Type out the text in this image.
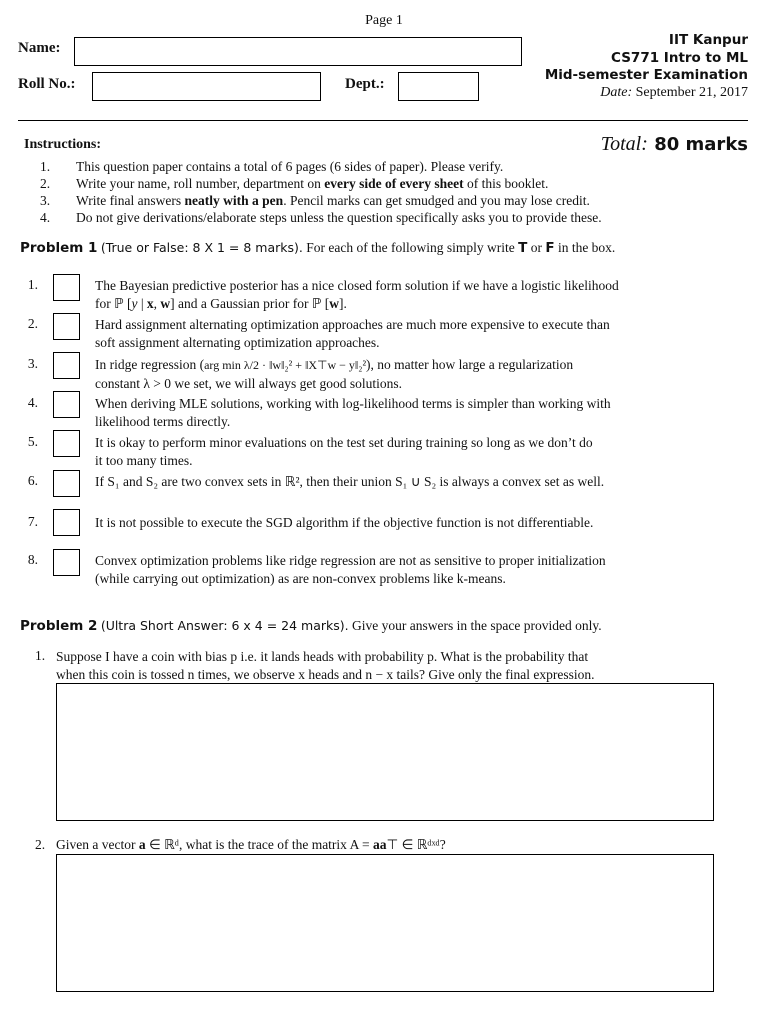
Page 1
Name:
Roll No.:	Dept.:
IIT Kanpur
CS771 Intro to ML
Mid-semester Examination
Date: September 21, 2017
Instructions:	Total: 80 marks
1. This question paper contains a total of 6 pages (6 sides of paper). Please verify.
2. Write your name, roll number, department on every side of every sheet of this booklet.
3. Write final answers neatly with a pen. Pencil marks can get smudged and you may lose credit.
4. Do not give derivations/elaborate steps unless the question specifically asks you to provide these.
Problem 1 (True or False: 8 X 1 = 8 marks). For each of the following simply write T or F in the box.
1.	The Bayesian predictive posterior has a nice closed form solution if we have a logistic likelihood
for ℙ [y | x, w] and a Gaussian prior for ℙ [w].
2.	Hard assignment alternating optimization approaches are much more expensive to execute than
soft assignment alternating optimization approaches.
3.	In ridge regression (arg min λ/2 · ‖w‖₂² + ‖X⊤w − y‖₂²), no matter how large a regularization
constant λ > 0 we set, we will always get good solutions.
4.	When deriving MLE solutions, working with log-likelihood terms is simpler than working with
likelihood terms directly.
5.	It is okay to perform minor evaluations on the test set during training so long as we don’t do
it too many times.
6.	If S₁ and S₂ are two convex sets in ℝ², then their union S₁ ∪ S₂ is always a convex set as well.
7.	It is not possible to execute the SGD algorithm if the objective function is not differentiable.
8.	Convex optimization problems like ridge regression are not as sensitive to proper initialization
(while carrying out optimization) as are non-convex problems like k-means.
Problem 2 (Ultra Short Answer: 6 x 4 = 24 marks). Give your answers in the space provided only.
1. Suppose I have a coin with bias p i.e. it lands heads with probability p. What is the probability that
when this coin is tossed n times, we observe x heads and n − x tails? Give only the final expression.
2. Given a vector a ∈ ℝᵈ, what is the trace of the matrix A = aa⊤ ∈ ℝᵈˣᵈ?
